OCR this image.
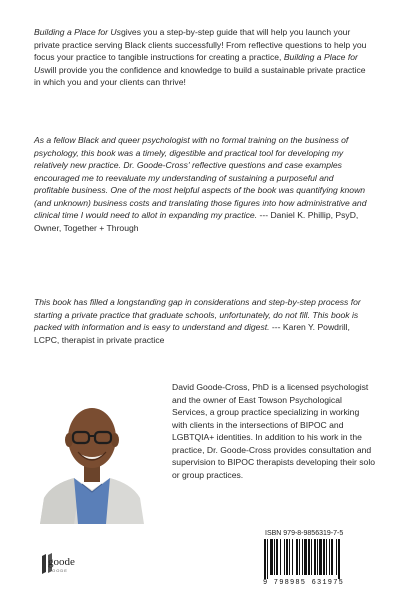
Building a Place for Usgives you a step-by-step guide that will help you launch your private practice serving Black clients successfully! From reflective questions to help you focus your practice to tangible instructions for creating a practice, Building a Place for Uswill provide you the confidence and knowledge to build a sustainable private practice in which you and your clients can thrive!

As a fellow Black and queer psychologist with no formal training on the business of psychology, this book was a timely, digestible and practical tool for developing my relatively new practice. Dr. Goode-Cross' reflective questions and case examples encouraged me to reevaluate my understanding of sustaining a purposeful and profitable business. One of the most helpful aspects of the book was quantifying known (and unknown) business costs and translating those figures into how administrative and clinical time I would need to allot in expanding my practice. --- Daniel K. Phillip, PsyD, Owner, Together + Through

This book has filled a longstanding gap in considerations and step-by-step process for starting a private practice that graduate schools, unfortunately, do not fill. This book is packed with information and is easy to understand and digest. --- Karen Y. Powdrill, LCPC, therapist in private practice

David Goode-Cross, PhD is a licensed psychologist and the owner of East Towson Psychological Services, a group practice specializing in working with clients in the intersections of BIPOC and LGBTQIA+ identities. In addition to his work in the practice, Dr. Goode-Cross provides consultation and supervision to BIPOC therapists developing their solo or group practices.

ISBN 979-8-9856319-7-5
9 798985 631975
goode
GOODE
